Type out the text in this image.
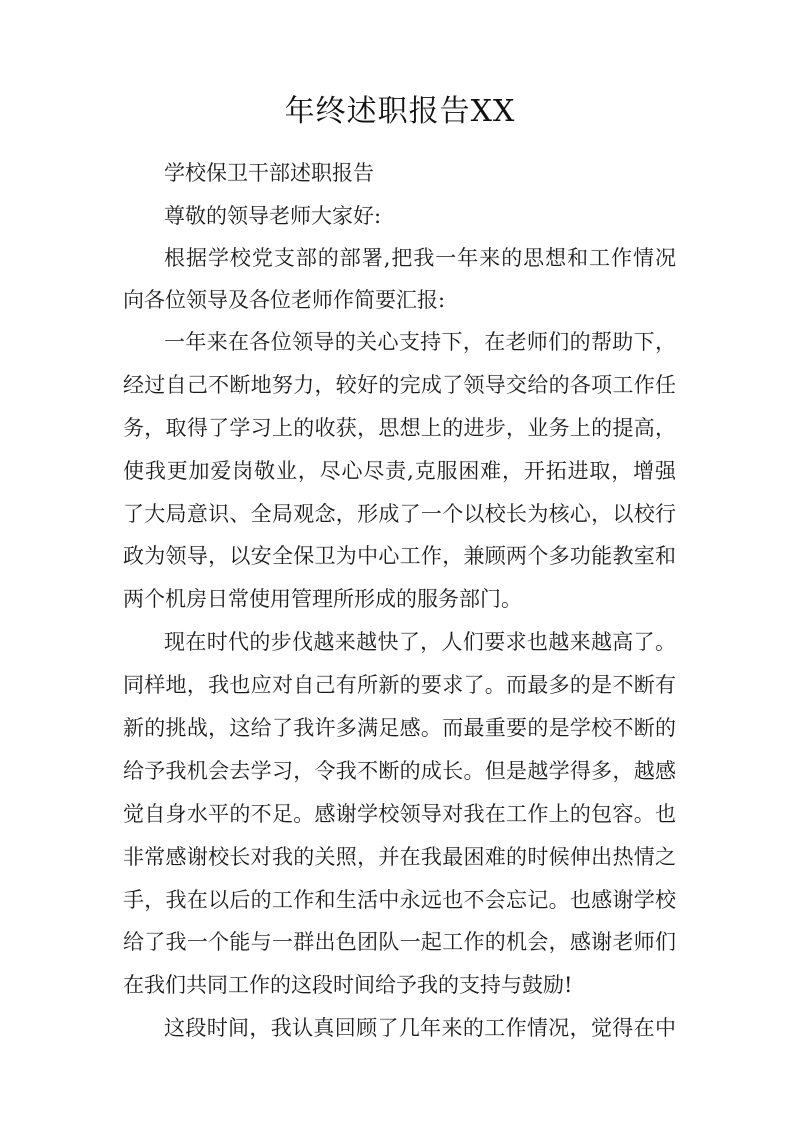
年终述职报告XX
学校保卫干部述职报告
尊敬的领导老师大家好:
根据学校党支部的部署,把我一年来的思想和工作情况
向各位领导及各位老师作简要汇报:
一年来在各位领导的关心支持下，在老师们的帮助下，
经过自己不断地努力，较好的完成了领导交给的各项工作任
务，取得了学习上的收获，思想上的进步，业务上的提高，
使我更加爱岗敬业，尽心尽责,克服困难，开拓进取，增强
了大局意识、全局观念，形成了一个以校长为核心，以校行
政为领导，以安全保卫为中心工作，兼顾两个多功能教室和
两个机房日常使用管理所形成的服务部门。
现在时代的步伐越来越快了，人们要求也越来越高了。
同样地，我也应对自己有所新的要求了。而最多的是不断有
新的挑战，这给了我许多满足感。而最重要的是学校不断的
给予我机会去学习，令我不断的成长。但是越学得多，越感
觉自身水平的不足。感谢学校领导对我在工作上的包容。也
非常感谢校长对我的关照，并在我最困难的时候伸出热情之
手，我在以后的工作和生活中永远也不会忘记。也感谢学校
给了我一个能与一群出色团队一起工作的机会，感谢老师们
在我们共同工作的这段时间给予我的支持与鼓励!
这段时间，我认真回顾了几年来的工作情况，觉得在中
